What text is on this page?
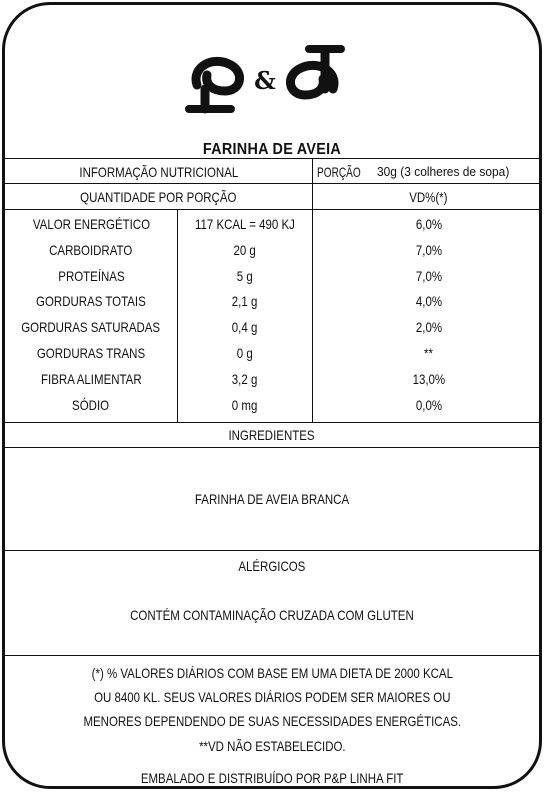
&
FARINHA DE AVEIA
INFORMAÇÃO NUTRICIONAL	PORÇÃO 30g (3 colheres de sopa)
QUANTIDADE POR PORÇÃO	VD%(*)
VALOR ENERGÉTICO	117 KCAL = 490 KJ	6,0%
CARBOIDRATO	20 g	7,0%
PROTEÍNAS	5 g	7,0%
GORDURAS TOTAIS	2,1 g	4,0%
GORDURAS SATURADAS	0,4 g	2,0%
GORDURAS TRANS	0 g	**
FIBRA ALIMENTAR	3,2 g	13,0%
SÓDIO	0 mg	0,0%
INGREDIENTES
FARINHA DE AVEIA BRANCA
ALÉRGICOS
CONTÉM CONTAMINAÇÃO CRUZADA COM GLUTEN
(*) % VALORES DIÁRIOS COM BASE EM UMA DIETA DE 2000 KCAL
OU 8400 KL. SEUS VALORES DIÁRIOS PODEM SER MAIORES OU
MENORES DEPENDENDO DE SUAS NECESSIDADES ENERGÉTICAS.
**VD NÃO ESTABELECIDO.
EMBALADO E DISTRIBUÍDO POR P&P LINHA FIT
